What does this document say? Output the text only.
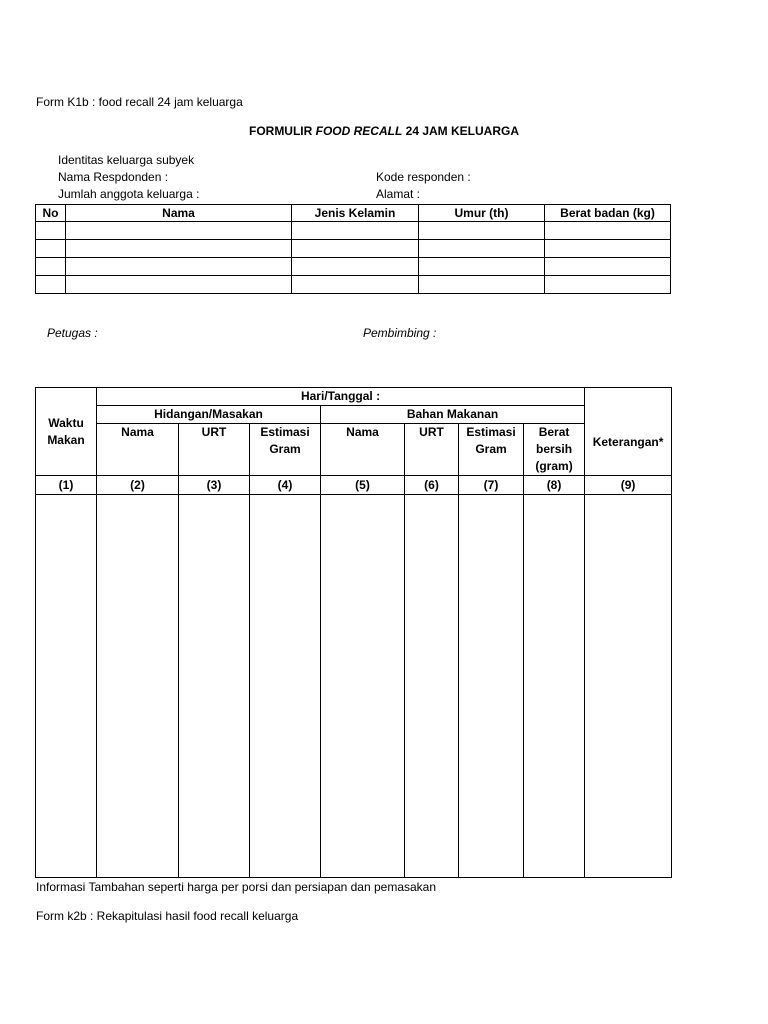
Form K1b : food recall 24 jam keluarga
FORMULIR FOOD RECALL 24 JAM KELUARGA
Identitas keluarga subyek
Nama Respdonden :
Jumlah anggota keluarga :
Kode responden :
Alamat :
No	Nama	Jenis Kelamin	Umur (th)	Berat badan (kg)

Petugas :	Pembimbing :
Waktu Makan	Hari/Tanggal :							Keterangan*
	Hidangan/Masakan			Bahan Makanan				
	Nama	URT	Estimasi Gram	Nama	URT	Estimasi Gram	Berat bersih (gram)	
(1)	(2)	(3)	(4)	(5)	(6)	(7)	(8)	(9)

Informasi Tambahan seperti harga per porsi dan persiapan dan pemasakan
Form k2b : Rekapitulasi hasil food recall keluarga
